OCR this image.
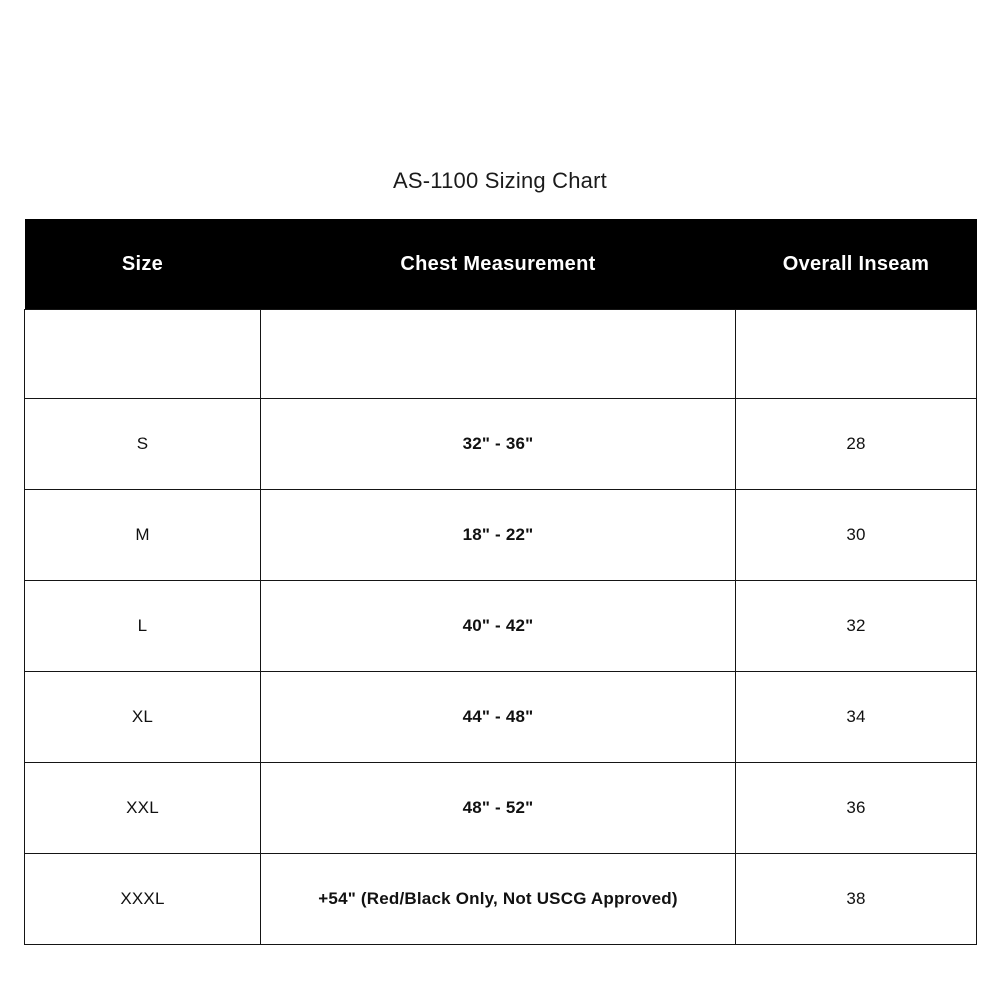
AS-1100 Sizing Chart
Size	Chest Measurement	Overall Inseam

S	32" - 36"	28
M	18" - 22"	30
L	40" - 42"	32
XL	44" - 48"	34
XXL	48" - 52"	36
XXXL	+54" (Red/Black Only, Not USCG Approved)	38
